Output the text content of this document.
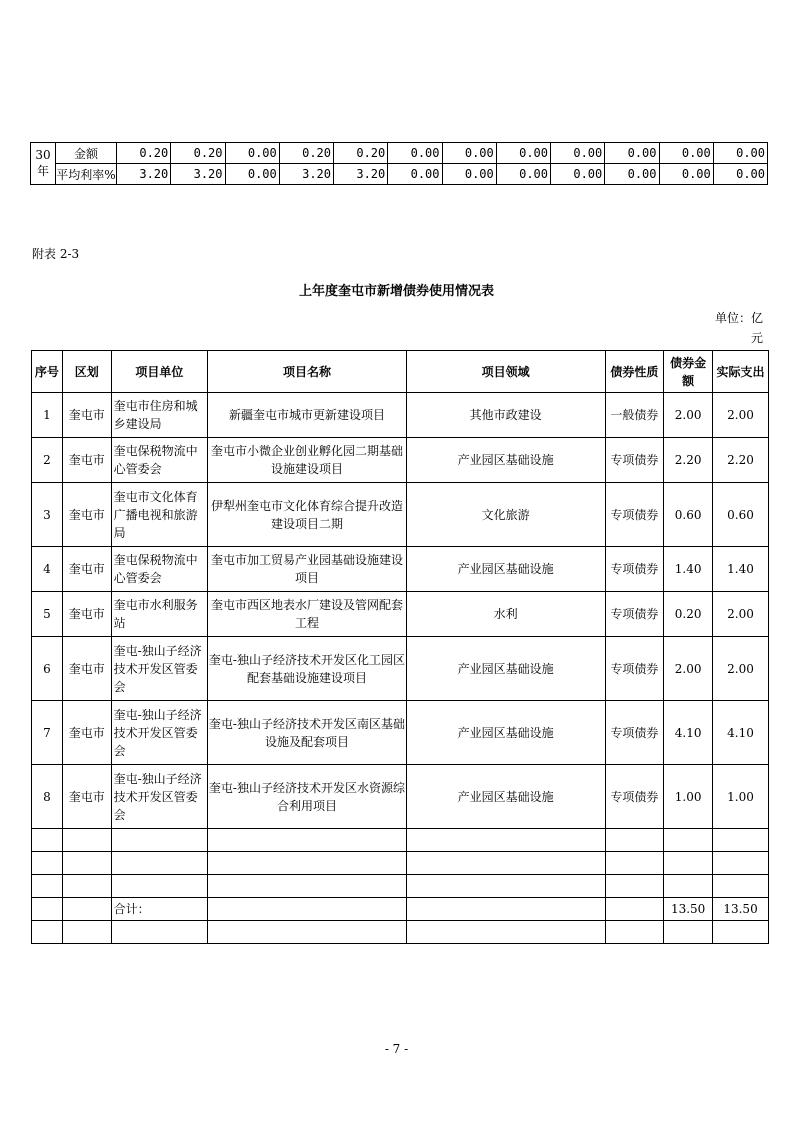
30
年	金额	0.20	0.20	0.00	0.20	0.20	0.00	0.00	0.00	0.00	0.00	0.00	0.00
	平均利率%	3.20	3.20	0.00	3.20	3.20	0.00	0.00	0.00	0.00	0.00	0.00	0.00
附表 2-3
上年度奎屯市新增债券使用情况表
单位：亿
元
序号	区划	项目单位	项目名称	项目领域	债券性质	债券金额	实际支出
1	奎屯市	奎屯市住房和城乡建设局	新疆奎屯市城市更新建设项目	其他市政建设	一般债券	2.00	2.00
2	奎屯市	奎屯保税物流中心管委会	奎屯市小微企业创业孵化园二期基础设施建设项目	产业园区基础设施	专项债券	2.20	2.20
3	奎屯市	奎屯市文化体育广播电视和旅游局	伊犁州奎屯市文化体育综合提升改造建设项目二期	文化旅游	专项债券	0.60	0.60
4	奎屯市	奎屯保税物流中心管委会	奎屯市加工贸易产业园基础设施建设项目	产业园区基础设施	专项债券	1.40	1.40
5	奎屯市	奎屯市水利服务站	奎屯市西区地表水厂建设及管网配套工程	水利	专项债券	0.20	2.00
6	奎屯市	奎屯-独山子经济技术开发区管委会	奎屯-独山子经济技术开发区化工园区配套基础设施建设项目	产业园区基础设施	专项债券	2.00	2.00
7	奎屯市	奎屯-独山子经济技术开发区管委会	奎屯-独山子经济技术开发区南区基础设施及配套项目	产业园区基础设施	专项债券	4.10	4.10
8	奎屯市	奎屯-独山子经济技术开发区管委会	奎屯-独山子经济技术开发区水资源综合利用项目	产业园区基础设施	专项债券	1.00	1.00

		合计：				13.50	13.50

- 7 -
